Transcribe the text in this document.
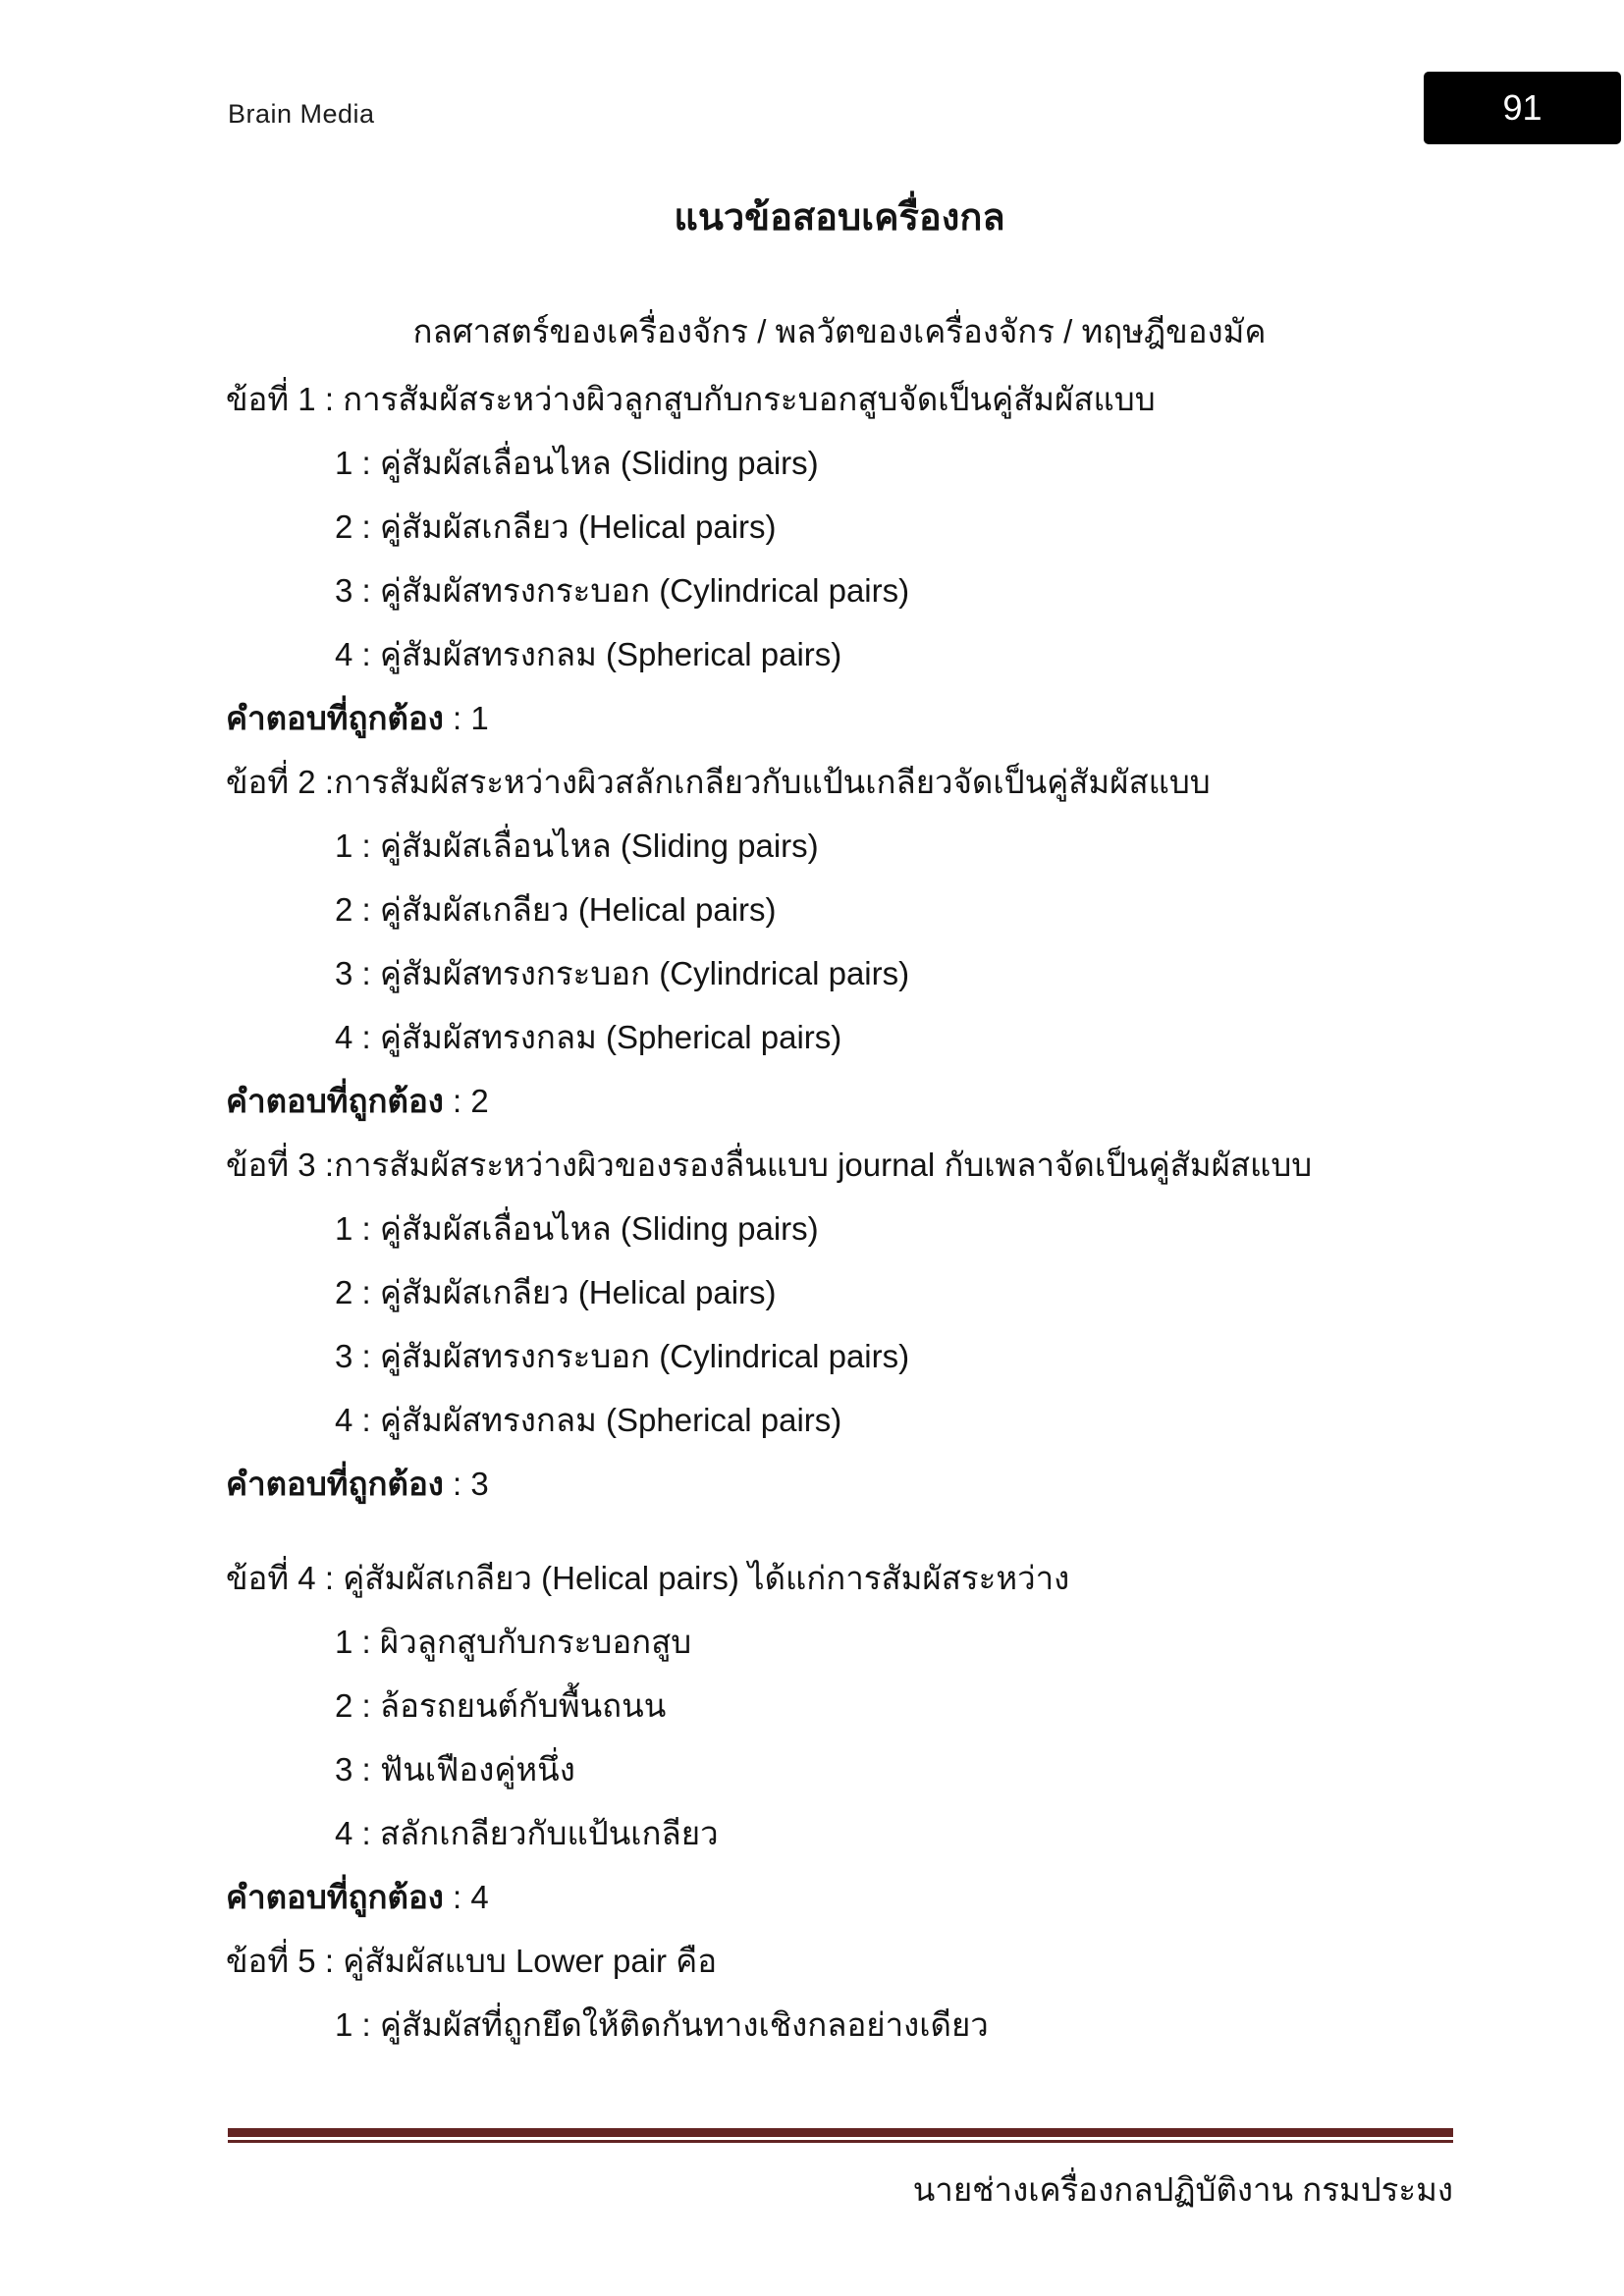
Brain Media	91
แนวข้อสอบเครื่องกล
กลศาสตร์ของเครื่องจักร / พลวัตของเครื่องจักร / ทฤษฎีของมัค
ข้อที่ 1 : การสัมผัสระหว่างผิวลูกสูบกับกระบอกสูบจัดเป็นคู่สัมผัสแบบ
1 : คู่สัมผัสเลื่อนไหล (Sliding pairs)
2 : คู่สัมผัสเกลียว (Helical pairs)
3 : คู่สัมผัสทรงกระบอก (Cylindrical pairs)
4 : คู่สัมผัสทรงกลม (Spherical pairs)
คำตอบที่ถูกต้อง : 1
ข้อที่ 2 :การสัมผัสระหว่างผิวสลักเกลียวกับแป้นเกลียวจัดเป็นคู่สัมผัสแบบ
1 : คู่สัมผัสเลื่อนไหล (Sliding pairs)
2 : คู่สัมผัสเกลียว (Helical pairs)
3 : คู่สัมผัสทรงกระบอก (Cylindrical pairs)
4 : คู่สัมผัสทรงกลม (Spherical pairs)
คำตอบที่ถูกต้อง : 2
ข้อที่ 3 :การสัมผัสระหว่างผิวของรองลื่นแบบ journal กับเพลาจัดเป็นคู่สัมผัสแบบ
1 : คู่สัมผัสเลื่อนไหล (Sliding pairs)
2 : คู่สัมผัสเกลียว (Helical pairs)
3 : คู่สัมผัสทรงกระบอก (Cylindrical pairs)
4 : คู่สัมผัสทรงกลม (Spherical pairs)
คำตอบที่ถูกต้อง : 3
ข้อที่ 4 : คู่สัมผัสเกลียว (Helical pairs) ได้แก่การสัมผัสระหว่าง
1 : ผิวลูกสูบกับกระบอกสูบ
2 : ล้อรถยนต์กับพื้นถนน
3 : ฟันเฟืองคู่หนึ่ง
4 : สลักเกลียวกับแป้นเกลียว
คำตอบที่ถูกต้อง : 4
ข้อที่ 5 : คู่สัมผัสแบบ Lower pair คือ
1 : คู่สัมผัสที่ถูกยึดให้ติดกันทางเชิงกลอย่างเดียว
นายช่างเครื่องกลปฏิบัติงาน กรมประมง
